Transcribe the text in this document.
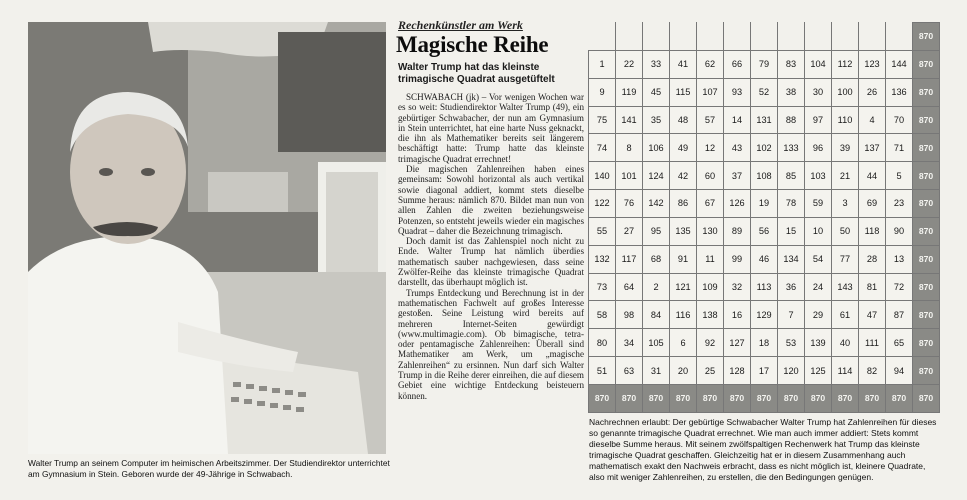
Walter Trump an seinem Computer im heimischen Arbeitszimmer. Der Studiendirektor unterrichtet am Gymnasium in Stein. Geboren wurde der 49-Jährige in Schwabach.
Rechenkünstler am Werk
Magische Reihe
Walter Trump hat das kleinste trimagische Quadrat ausgetüftelt

SCHWABACH (jk) – Vor wenigen Wochen war es so weit: Studiendirektor Walter Trump (49), ein gebürtiger Schwabacher, der nun am Gymnasium in Stein unterrichtet, hat eine harte Nuss geknackt, die ihn als Mathematiker bereits seit längerem beschäftigt hatte: Trump hatte das kleinste trimagische Quadrat errechnet!

Die magischen Zahlenreihen haben eines gemeinsam: Sowohl horizontal als auch vertikal sowie diagonal addiert, kommt stets dieselbe Summe heraus: nämlich 870. Bildet man nun von allen Zahlen die zweiten beziehungsweise Potenzen, so entsteht jeweils wieder ein magisches Quadrat – daher die Bezeichnung trimagisch.

Doch damit ist das Zahlenspiel noch nicht zu Ende. Walter Trump hat nämlich überdies mathematisch sauber nachgewiesen, dass seine Zwölfer-Reihe das kleinste trimagische Quadrat darstellt, das überhaupt möglich ist.

Trumps Entdeckung und Berechnung ist in der mathematischen Fachwelt auf großes Interesse gestoßen. Seine Leistung wird bereits auf mehreren Internet-Seiten gewürdigt (www.multimagie.com). Ob bimagische, tetra- oder pentamagische Zahlenreihen: Überall sind Mathematiker am Werk, um „magische Zahlenreihen“ zu ersinnen. Nun darf sich Walter Trump in die Reihe derer einreihen, die auf diesem Gebiet eine wichtige Entdeckung beisteuern können.

												870
1	22	33	41	62	66	79	83	104	112	123	144	870
9	119	45	115	107	93	52	38	30	100	26	136	870
75	141	35	48	57	14	131	88	97	110	4	70	870
74	8	106	49	12	43	102	133	96	39	137	71	870
140	101	124	42	60	37	108	85	103	21	44	5	870
122	76	142	86	67	126	19	78	59	3	69	23	870
55	27	95	135	130	89	56	15	10	50	118	90	870
132	117	68	91	11	99	46	134	54	77	28	13	870
73	64	2	121	109	32	113	36	24	143	81	72	870
58	98	84	116	138	16	129	7	29	61	47	87	870
80	34	105	6	92	127	18	53	139	40	111	65	870
51	63	31	20	25	128	17	120	125	114	82	94	870
870	870	870	870	870	870	870	870	870	870	870	870	870
Nachrechnen erlaubt: Der gebürtige Schwabacher Walter Trump hat Zahlenreihen für dieses so genannte trimagische Quadrat errechnet. Wie man auch immer addiert: Stets kommt dieselbe Summe heraus. Mit seinem zwölfspaltigen Rechenwerk hat Trump das kleinste trimagische Quadrat geschaffen. Gleichzeitig hat er in diesem Zusammenhang auch mathematisch exakt den Nachweis erbracht, dass es nicht möglich ist, kleinere Quadrate, also mit weniger Zahlenreihen, zu erstellen, die den Bedingungen genügen.
